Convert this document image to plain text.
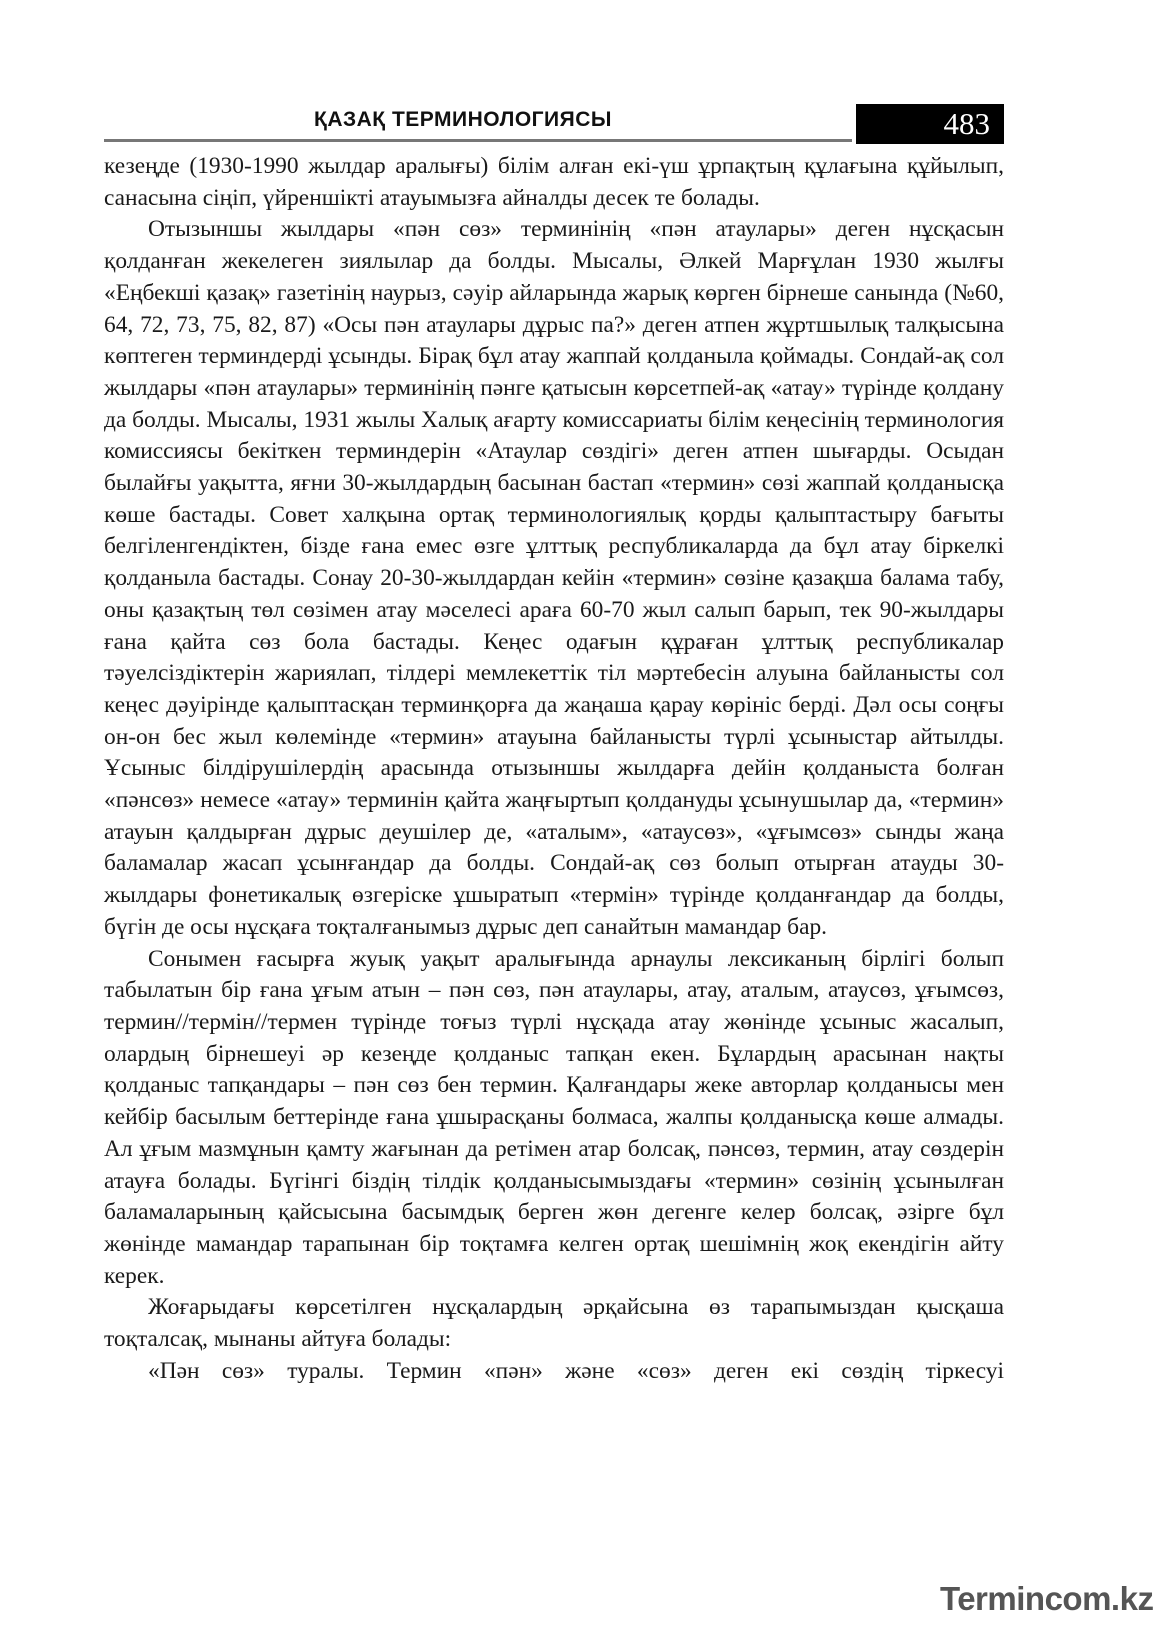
ҚАЗАҚ ТЕРМИНОЛОГИЯСЫ	483

кезеңде (1930-1990 жылдар аралығы) білім алған екі-үш ұрпақтың құлағына құйылып, санасына сіңіп, үйреншікті атауымызға айналды десек те болады.

Отызыншы жылдары «пән сөз» терминінің «пән атаулары» деген нұсқасын қолданған жекелеген зиялылар да болды. Мысалы, Әлкей Марғұлан 1930 жылғы «Еңбекші қазақ» газетінің наурыз, сәуір айларында жарық көрген бірнеше санында (№60, 64, 72, 73, 75, 82, 87) «Осы пән атаулары дұрыс па?» деген атпен жұртшылық талқысына көптеген терминдерді ұсынды. Бірақ бұл атау жаппай қолданыла қоймады. Сондай-ақ сол жылдары «пән атаулары» терминінің пәнге қатысын көрсетпей-ақ «атау» түрінде қолдану да болды. Мысалы, 1931 жылы Халық ағарту комиссариаты білім кеңесінің терминология комиссиясы бекіткен терминдерін «Атаулар сөздігі» деген атпен шығарды. Осыдан былайғы уақытта, яғни 30-жылдардың басынан бастап «термин» сөзі жаппай қолданысқа көше бастады. Совет халқына ортақ терминологиялық қорды қалыптастыру бағыты белгіленгендіктен, бізде ғана емес өзге ұлттық республикаларда да бұл атау біркелкі қолданыла бастады. Сонау 20-30-жылдардан кейін «термин» сөзіне қазақша балама табу, оны қазақтың төл сөзімен атау мәселесі араға 60-70 жыл салып барып, тек 90-жылдары ғана қайта сөз бола бастады. Кеңес одағын құраған ұлттық республикалар тәуелсіздіктерін жариялап, тілдері мемлекеттік тіл мәртебесін алуына байланысты сол кеңес дәуірінде қалыптасқан терминқорға да жаңаша қарау көрініс берді. Дәл осы соңғы он-он бес жыл көлемінде «термин» атауына байланысты түрлі ұсыныстар айтылды. Ұсыныс білдірушілердің арасында отызыншы жылдарға дейін қолданыста болған «пәнсөз» немесе «атау» терминін қайта жаңғыртып қолдануды ұсынушылар да, «термин» атауын қалдырған дұрыс деушілер де, «аталым», «атаусөз», «ұғымсөз» сынды жаңа баламалар жасап ұсынғандар да болды. Сондай-ақ сөз болып отырған атауды 30-жылдары фонетикалық өзгеріске ұшыратып «термін» түрінде қолданғандар да болды, бүгін де осы нұсқаға тоқталғанымыз дұрыс деп санайтын мамандар бар.

Сонымен ғасырға жуық уақыт аралығында арнаулы лексиканың бірлігі болып табылатын бір ғана ұғым атын – пән сөз, пән атаулары, атау, аталым, атаусөз, ұғымсөз, термин//термін//термен түрінде тоғыз түрлі нұсқада атау жөнінде ұсыныс жасалып, олардың бірнешеуі әр кезеңде қолданыс тапқан екен. Бұлардың арасынан нақты қолданыс тапқандары – пән сөз бен термин. Қалғандары жеке авторлар қолданысы мен кейбір басылым беттерінде ғана ұшырасқаны болмаса, жалпы қолданысқа көше алмады. Ал ұғым мазмұнын қамту жағынан да ретімен атар болсақ, пәнсөз, термин, атау сөздерін атауға болады. Бүгінгі біздің тілдік қолданысымыздағы «термин» сөзінің ұсынылған баламаларының қайсысына басымдық берген жөн дегенге келер болсақ, әзірге бұл жөнінде мамандар тарапынан бір тоқтамға келген ортақ шешімнің жоқ екендігін айту керек.

Жоғарыдағы көрсетілген нұсқалардың әрқайсына өз тарапымыздан қысқаша тоқталсақ, мынаны айтуға болады:

«Пән сөз» туралы. Термин «пән» және «сөз» деген екі сөздің тіркесуі

Termincom.kz
